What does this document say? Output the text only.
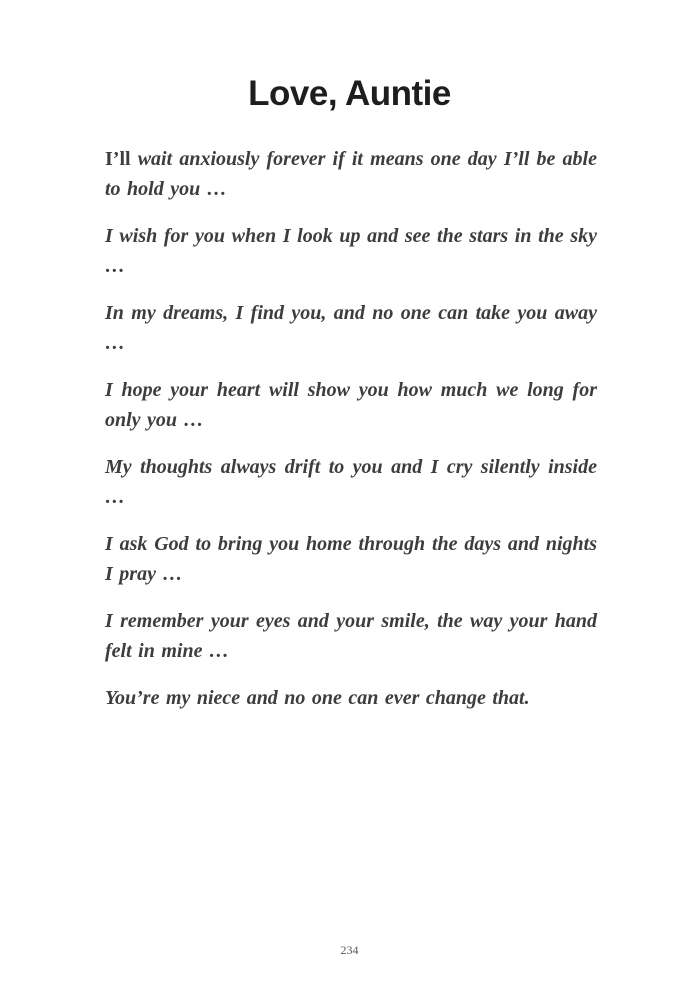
Love, Auntie

I’ll wait anxiously forever if it means one day I’ll be able to hold you …

I wish for you when I look up and see the stars in the sky …

In my dreams, I find you, and no one can take you away …

I hope your heart will show you how much we long for only you …

My thoughts always drift to you and I cry silently inside …

I ask God to bring you home through the days and nights I pray …

I remember your eyes and your smile, the way your hand felt in mine …

You’re my niece and no one can ever change that.

234
